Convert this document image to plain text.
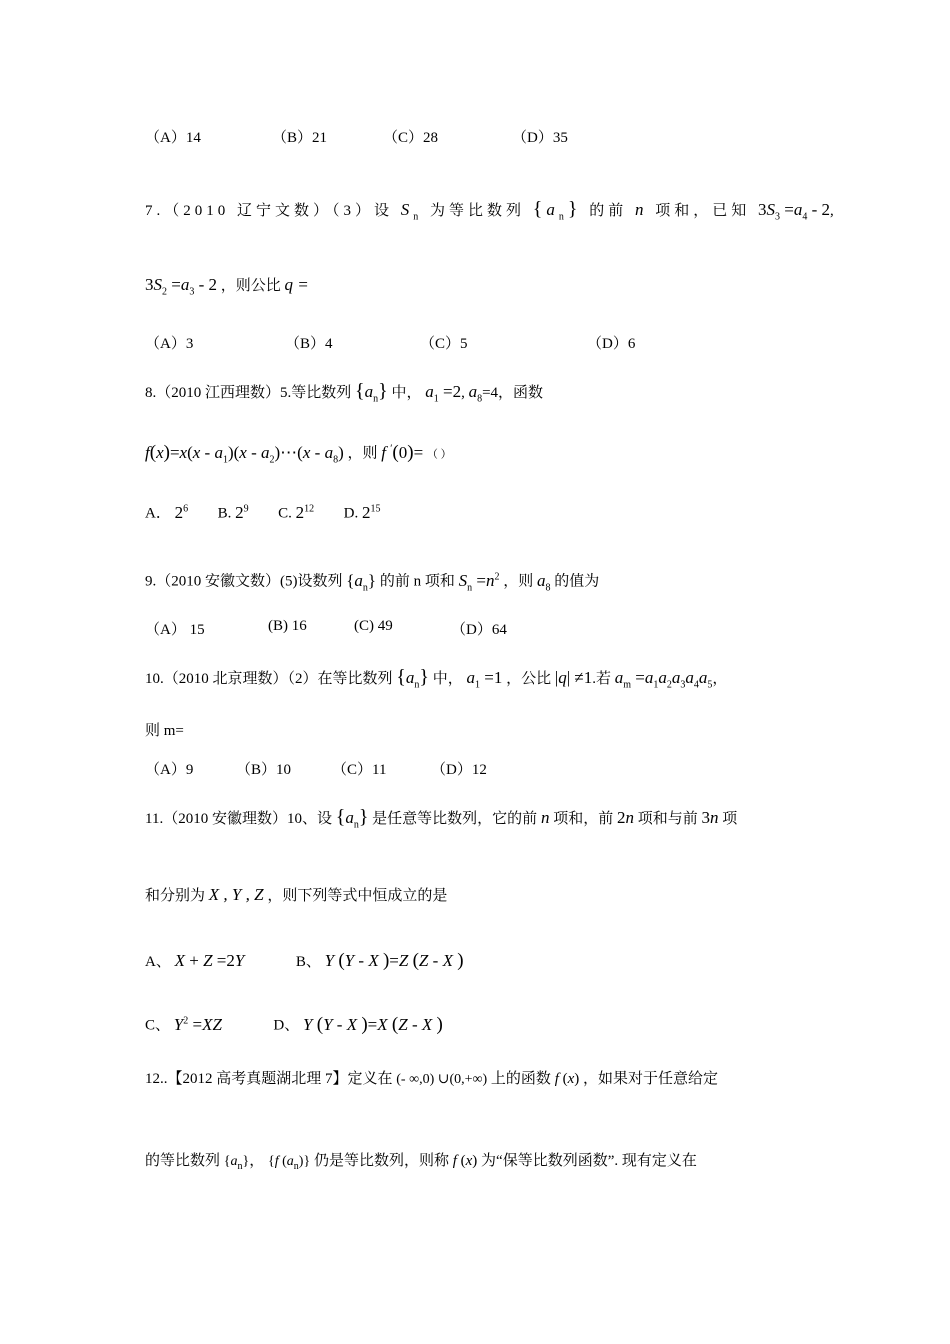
（A）14	（B）21	（C）28	（D）35
7.（2010 辽宁文数）（3）设 $S_n$ 为等比数列 $\{a_n\}$ 的前 n 项和，已知 $3S_3 =a_4 - 2$,
$3S_2 =a_3 - 2$ ，则公比 q =
（A）3	（B）4	（C）5	（D）6
8.（2010 江西理数）5.等比数列 $\{a_n\}$ 中， $a_1 =2$, $a_8=4$，函数
$f(x)=x(x - a_1)(x$ - $a_2)\cdots(x - a_8)$ ，则 f ′(0)= （ ）
A． $2^6$ B. $2^9$ C. $2^{12}$ D. $2^{15}$
9.（2010 安徽文数）(5)设数列 $\{a_n\}$ 的前 n 项和 $S_n =n^2$ ，则 $a_8$ 的值为
（A） 15	(B) 16	(C) 49	（D）64
10.（2010 北京理数）（2）在等比数列 $\{a_n\}$ 中， $a_1 =1$ ，公比 |q| ≠1.若 $a_m =a_1a_2a_3a_4a_5$，
则 m=
（A）9	（B）10	（C）11	（D）12
11.（2010 安徽理数）10、设 $\{a_n\}$ 是任意等比数列，它的前 n 项和，前 2n 项和与前 3n 项
和分别为 X , Y , Z ，则下列等式中恒成立的是
A、 X + Z =2Y	B、 Y (Y - X )=Z (Z - X )
C、 $Y^2 =XZ$	D、 Y (Y - X )=X (Z - X )
12..【2012 高考真题湖北理 7】定义在 (- ∞,0) ∪(0,+∞) 上的函数 f (x) ，如果对于任意给定
的等比数列 $\{a_n\}$， {f $(a_n)$} 仍是等比数列，则称 f (x) 为“保等比数列函数”. 现有定义在
